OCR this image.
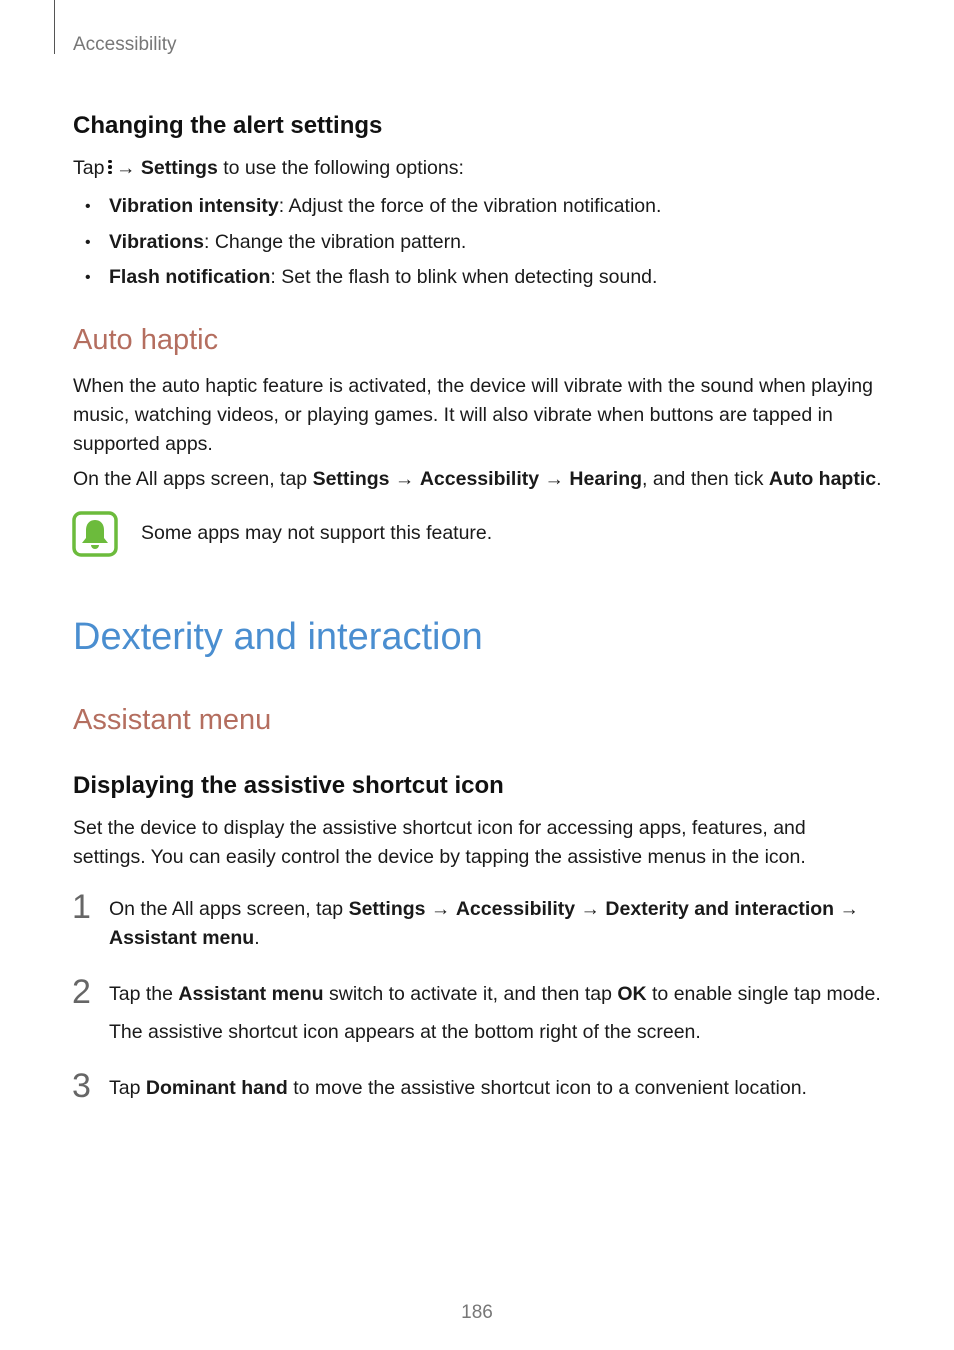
Accessibility
Changing the alert settings
Tap → Settings to use the following options:
• Vibration intensity: Adjust the force of the vibration notification.
• Vibrations: Change the vibration pattern.
• Flash notification: Set the flash to blink when detecting sound.
Auto haptic
When the auto haptic feature is activated, the device will vibrate with the sound when playing music, watching videos, or playing games. It will also vibrate when buttons are tapped in supported apps.
On the All apps screen, tap Settings → Accessibility → Hearing, and then tick Auto haptic.
Some apps may not support this feature.
Dexterity and interaction
Assistant menu
Displaying the assistive shortcut icon
Set the device to display the assistive shortcut icon for accessing apps, features, and settings. You can easily control the device by tapping the assistive menus in the icon.
1 On the All apps screen, tap Settings → Accessibility → Dexterity and interaction → Assistant menu.
2 Tap the Assistant menu switch to activate it, and then tap OK to enable single tap mode.
The assistive shortcut icon appears at the bottom right of the screen.
3 Tap Dominant hand to move the assistive shortcut icon to a convenient location.
186
